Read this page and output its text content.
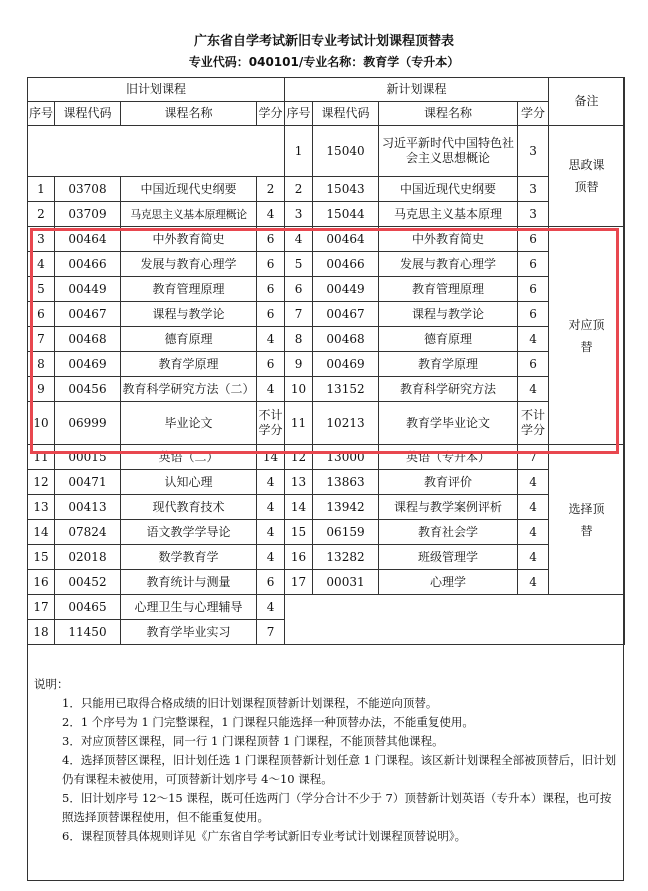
广东省自学考试新旧专业考试计划课程顶替表
专业代码：040101/专业名称：教育学（专升本）
旧计划课程				新计划课程				备注
序号	课程代码	课程名称	学分	序号	课程代码	课程名称	学分	
				1	15040	习近平新时代中国特色社会主义思想概论	3	思政课顶替
1	03708	中国近现代史纲要	2	2	15043	中国近现代史纲要	3	
2	03709	马克思主义基本原理概论	4	3	15044	马克思主义基本原理	3	
3	00464	中外教育简史	6	4	00464	中外教育简史	6	对应顶替
4	00466	发展与教育心理学	6	5	00466	发展与教育心理学	6	
5	00449	教育管理原理	6	6	00449	教育管理原理	6	
6	00467	课程与教学论	6	7	00467	课程与教学论	6	
7	00468	德育原理	4	8	00468	德育原理	4	
8	00469	教育学原理	6	9	00469	教育学原理	6	
9	00456	教育科学研究方法（二）	4	10	13152	教育科学研究方法	4	
10	06999	毕业论文	不计学分	11	10213	教育学毕业论文	不计学分	
11	00015	英语（二）	14	12	13000	英语（专升本）	7	选择顶替
12	00471	认知心理	4	13	13863	教育评价	4	
13	00413	现代教育技术	4	14	13942	课程与教学案例评析	4	
14	07824	语文教学学导论	4	15	06159	教育社会学	4	
15	02018	数学教育学	4	16	13282	班级管理学	4	
16	00452	教育统计与测量	6	17	00031	心理学	4	
17	00465	心理卫生与心理辅导	4					
18	11450	教育学毕业实习	7					

说明：

1．只能用已取得合格成绩的旧计划课程顶替新计划课程，不能逆向顶替。

2．1 个序号为 1 门完整课程，1 门课程只能选择一种顶替办法，不能重复使用。

3．对应顶替区课程，同一行 1 门课程顶替 1 门课程，不能顶替其他课程。

4．选择顶替区课程，旧计划任选 1 门课程顶替新计划任意 1 门课程。该区新计划课程全部被顶替后，旧计划仍有课程未被使用，可顶替新计划序号 4～10 课程。

5．旧计划序号 12～15 课程，既可任选两门（学分合计不少于 7）顶替新计划英语（专升本）课程，也可按照选择顶替课程使用，但不能重复使用。

6．课程顶替具体规则详见《广东省自学考试新旧专业考试计划课程顶替说明》。
